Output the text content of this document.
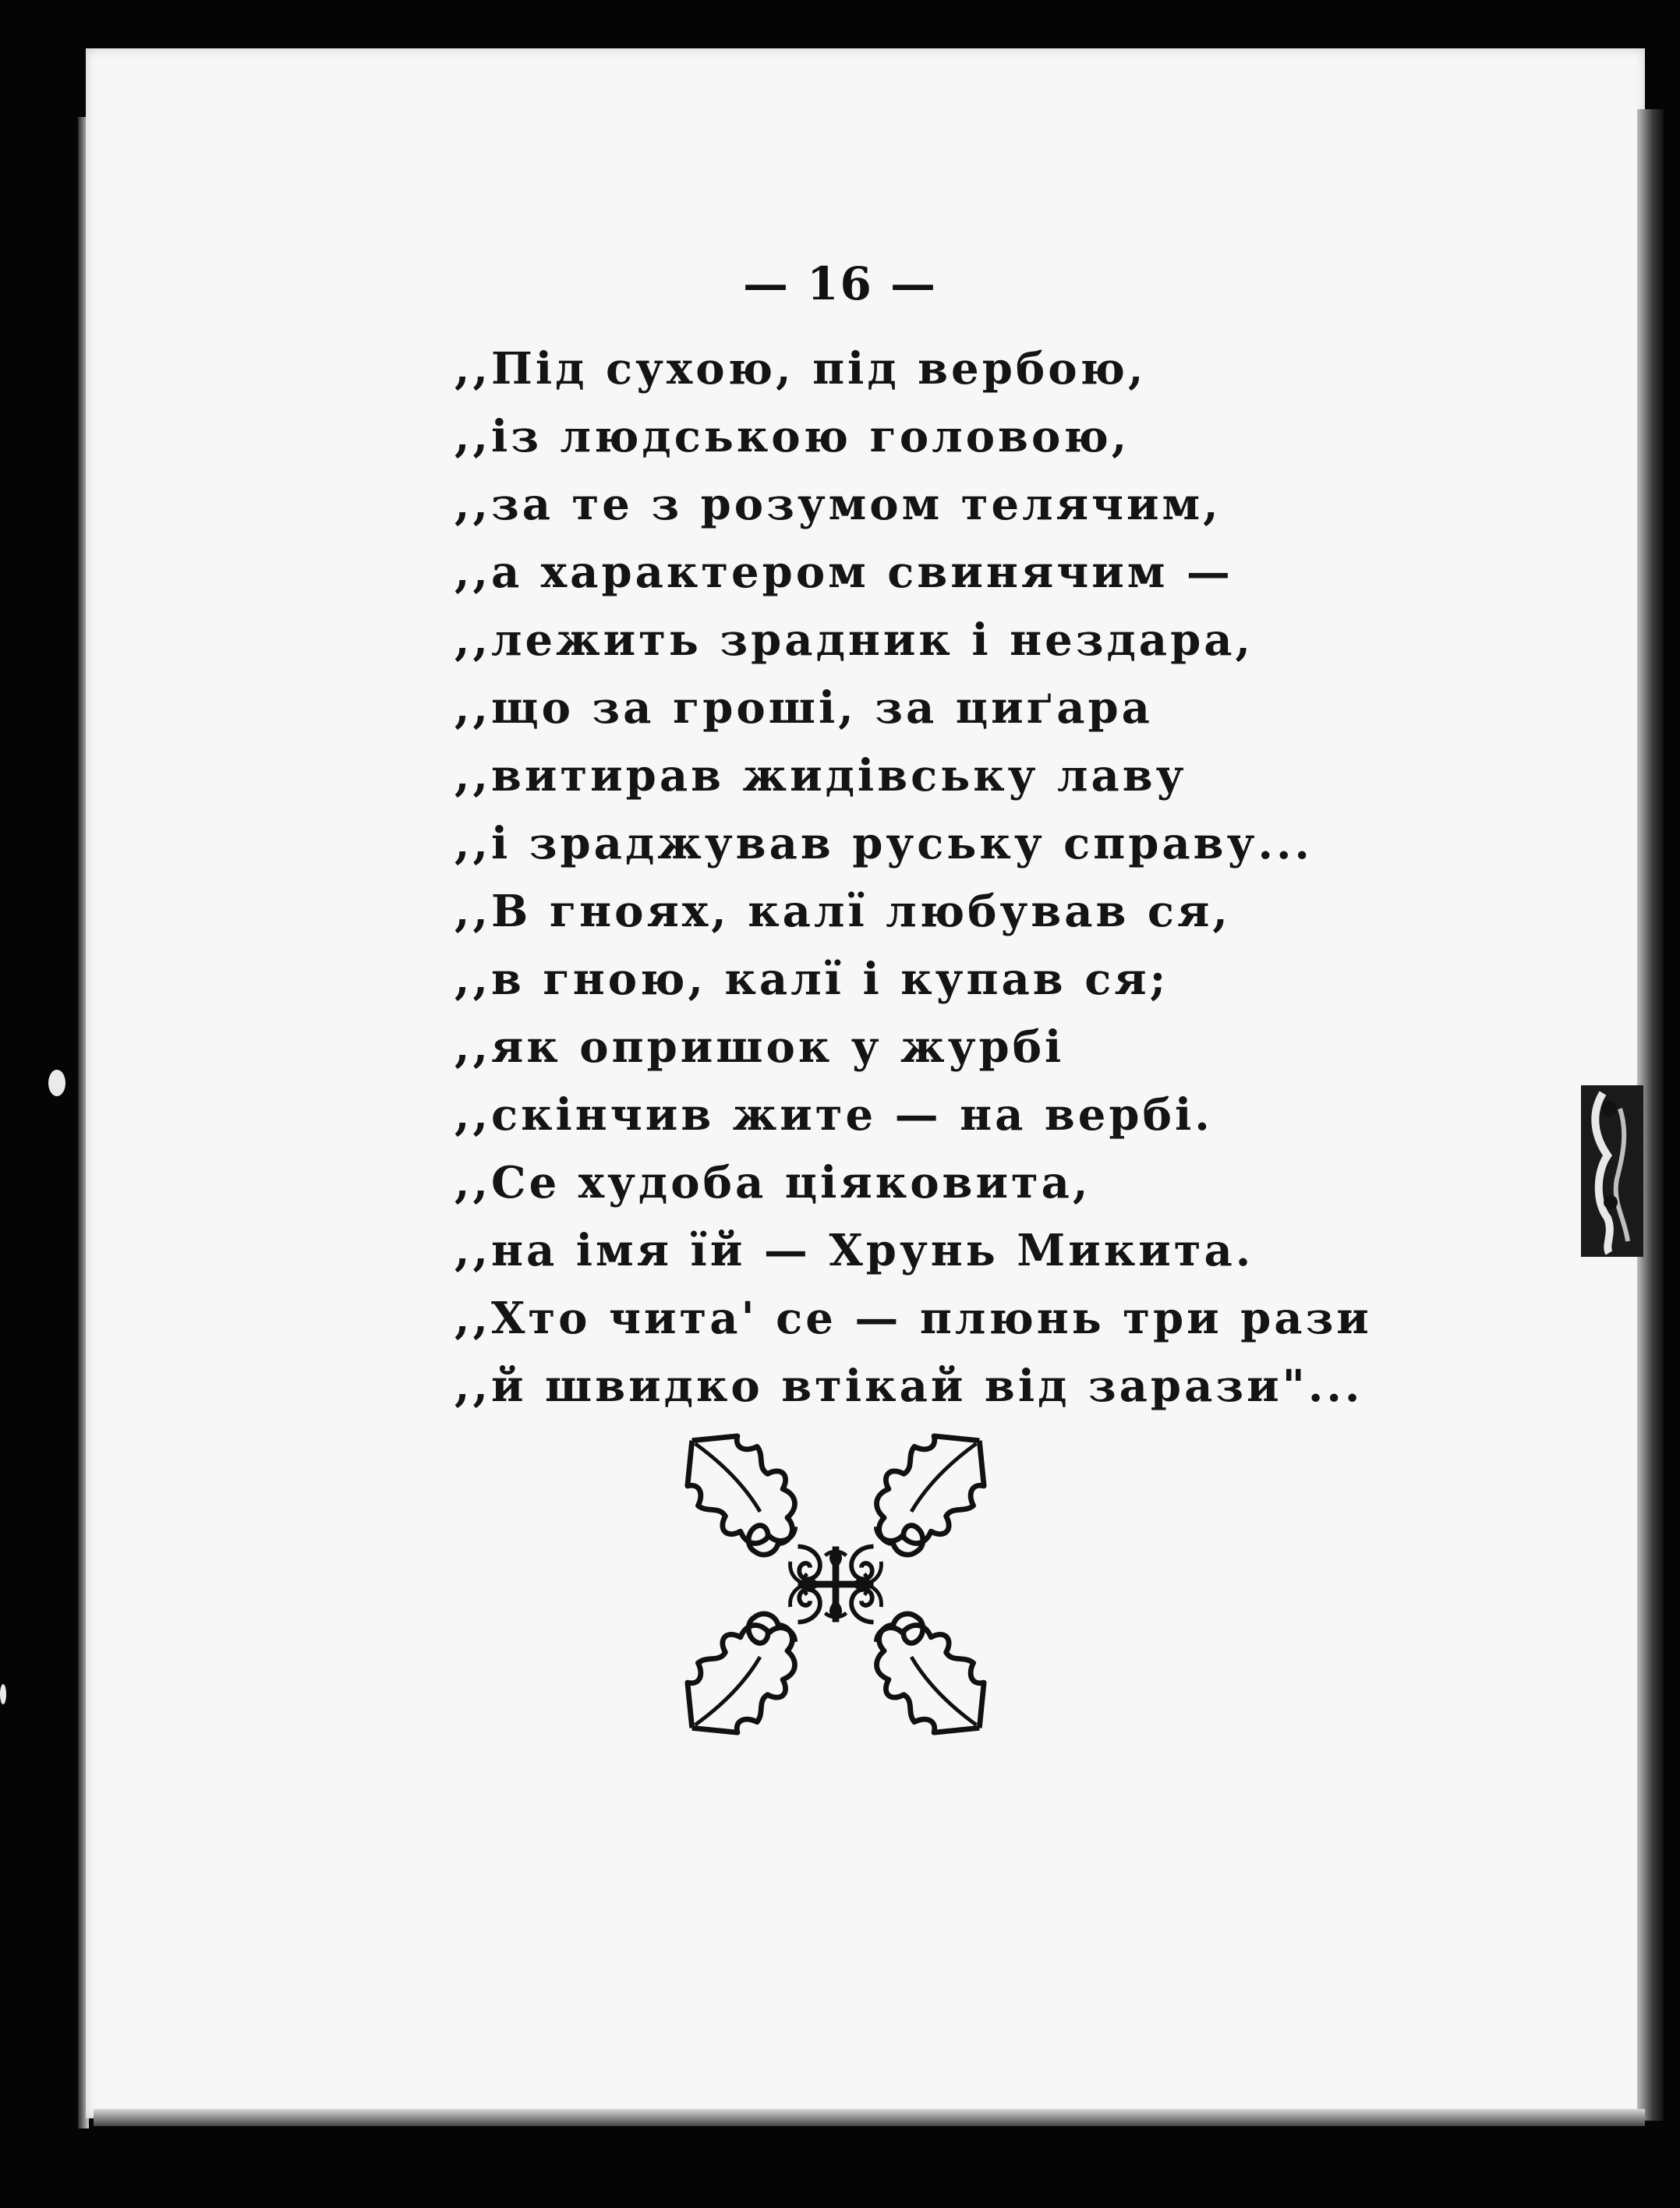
— 16 —
,,Під сухою, під вербою,
,,із людською головою,
,,за те з розумом телячим,
,,а характером свинячим —
,,лежить зрадник і нездара,
,,що за гроші, за циґара
,,витирав жидівську лаву
,,і зраджував руську справу...
,,В гноях, калї любував ся,
,,в гною, калї і купав ся;
,,як опришок у журбі
,,скінчив жите — на вербі.
,,Се худоба ціяковита,
,,на імя їй — Хрунь Микита.
,,Хто чита' се — плюнь три рази
,,й швидко втікай від зарази"...
